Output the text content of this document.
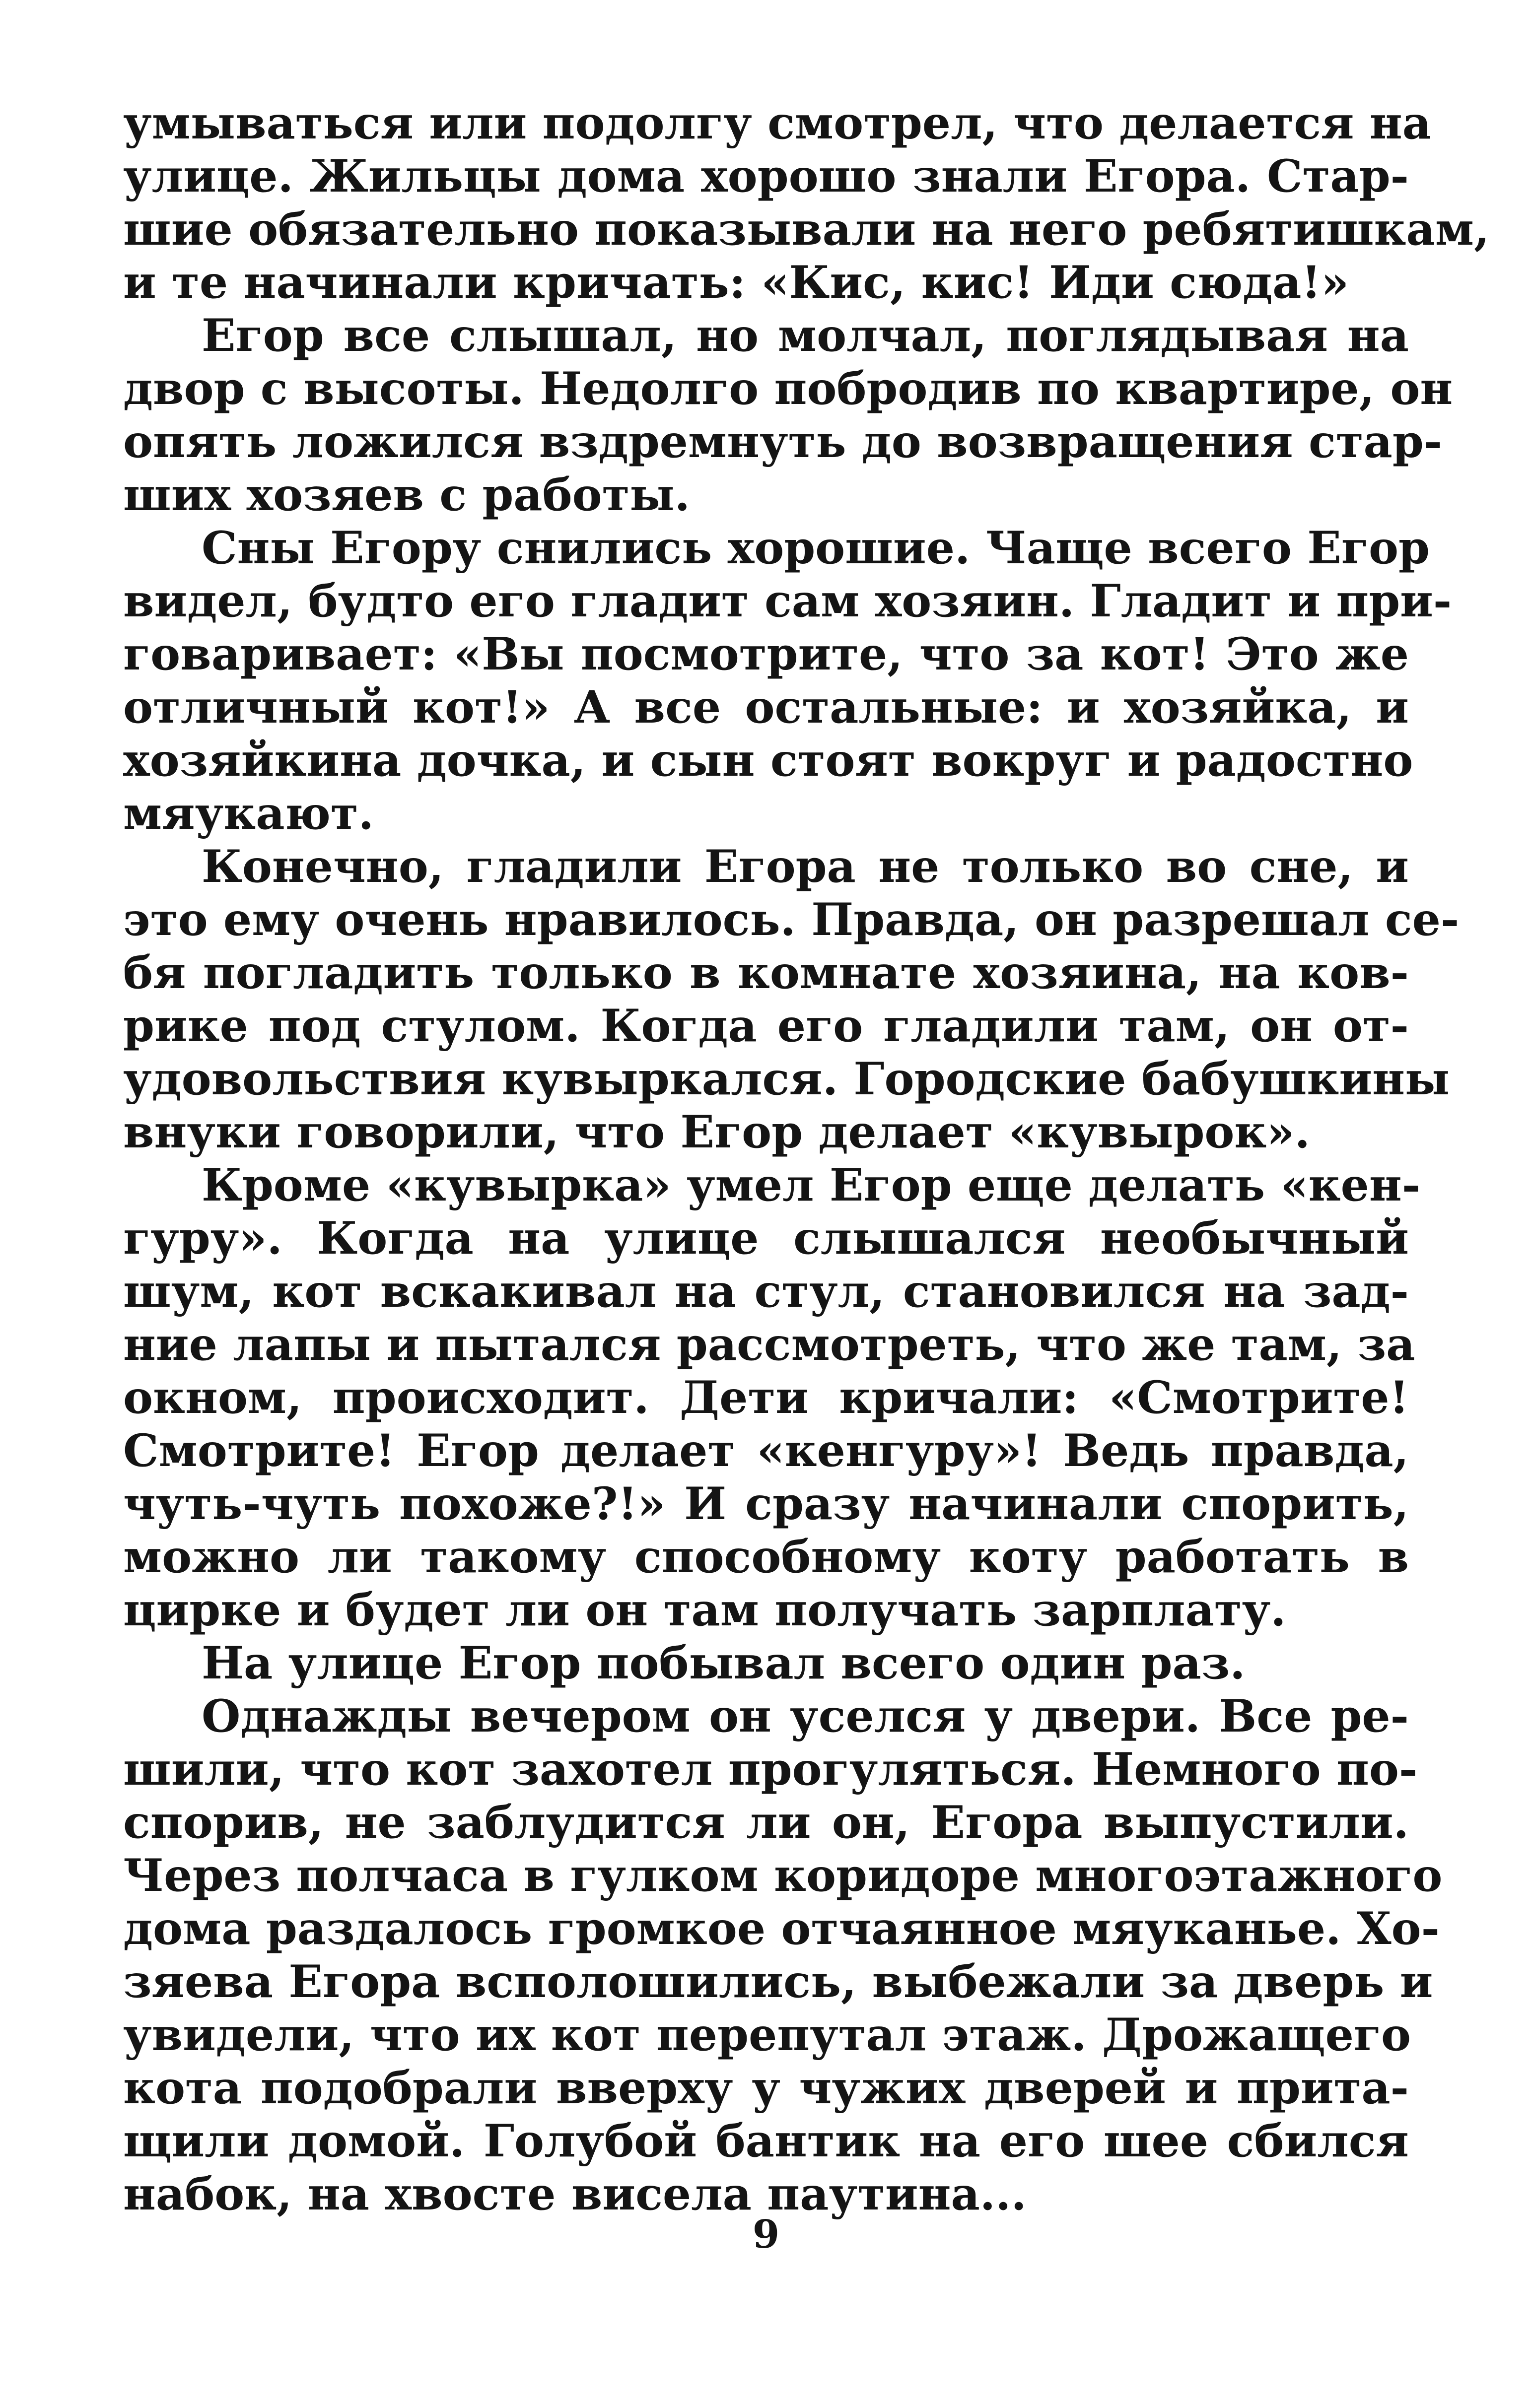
умываться или подолгу смотрел, что делается на
улице. Жильцы дома хорошо знали Егора. Стар-
шие обязательно показывали на него ребятишкам,
и те начинали кричать: «Кис, кис! Иди сюда!»

Егор все слышал, но молчал, поглядывая на
двор с высоты. Недолго побродив по квартире, он
опять ложился вздремнуть до возвращения стар-
ших хозяев с работы.

Сны Егору снились хорошие. Чаще всего Егор
видел, будто его гладит сам хозяин. Гладит и при-
говаривает: «Вы посмотрите, что за кот! Это же
отличный кот!» А все остальные: и хозяйка, и
хозяйкина дочка, и сын стоят вокруг и радостно
мяукают.

Конечно, гладили Егора не только во сне, и
это ему очень нравилось. Правда, он разрешал се-
бя погладить только в комнате хозяина, на ков-
рике под стулом. Когда его гладили там, он от-
удовольствия кувыркался. Городские бабушкины
внуки говорили, что Егор делает «кувырок».

Кроме «кувырка» умел Егор еще делать «кен-
гуру». Когда на улице слышался необычный
шум, кот вскакивал на стул, становился на зад-
ние лапы и пытался рассмотреть, что же там, за
окном, происходит. Дети кричали: «Смотрите!
Смотрите! Егор делает «кенгуру»! Ведь правда,
чуть-чуть похоже?!» И сразу начинали спорить,
можно ли такому способному коту работать в
цирке и будет ли он там получать зарплату.

На улице Егор побывал всего один раз.

Однажды вечером он уселся у двери. Все ре-
шили, что кот захотел прогуляться. Немного по-
спорив, не заблудится ли он, Егора выпустили.
Через полчаса в гулком коридоре многоэтажного
дома раздалось громкое отчаянное мяуканье. Хо-
зяева Егора всполошились, выбежали за дверь и
увидели, что их кот перепутал этаж. Дрожащего
кота подобрали вверху у чужих дверей и прита-
щили домой. Голубой бантик на его шее сбился
набок, на хвосте висела паутина...

9
